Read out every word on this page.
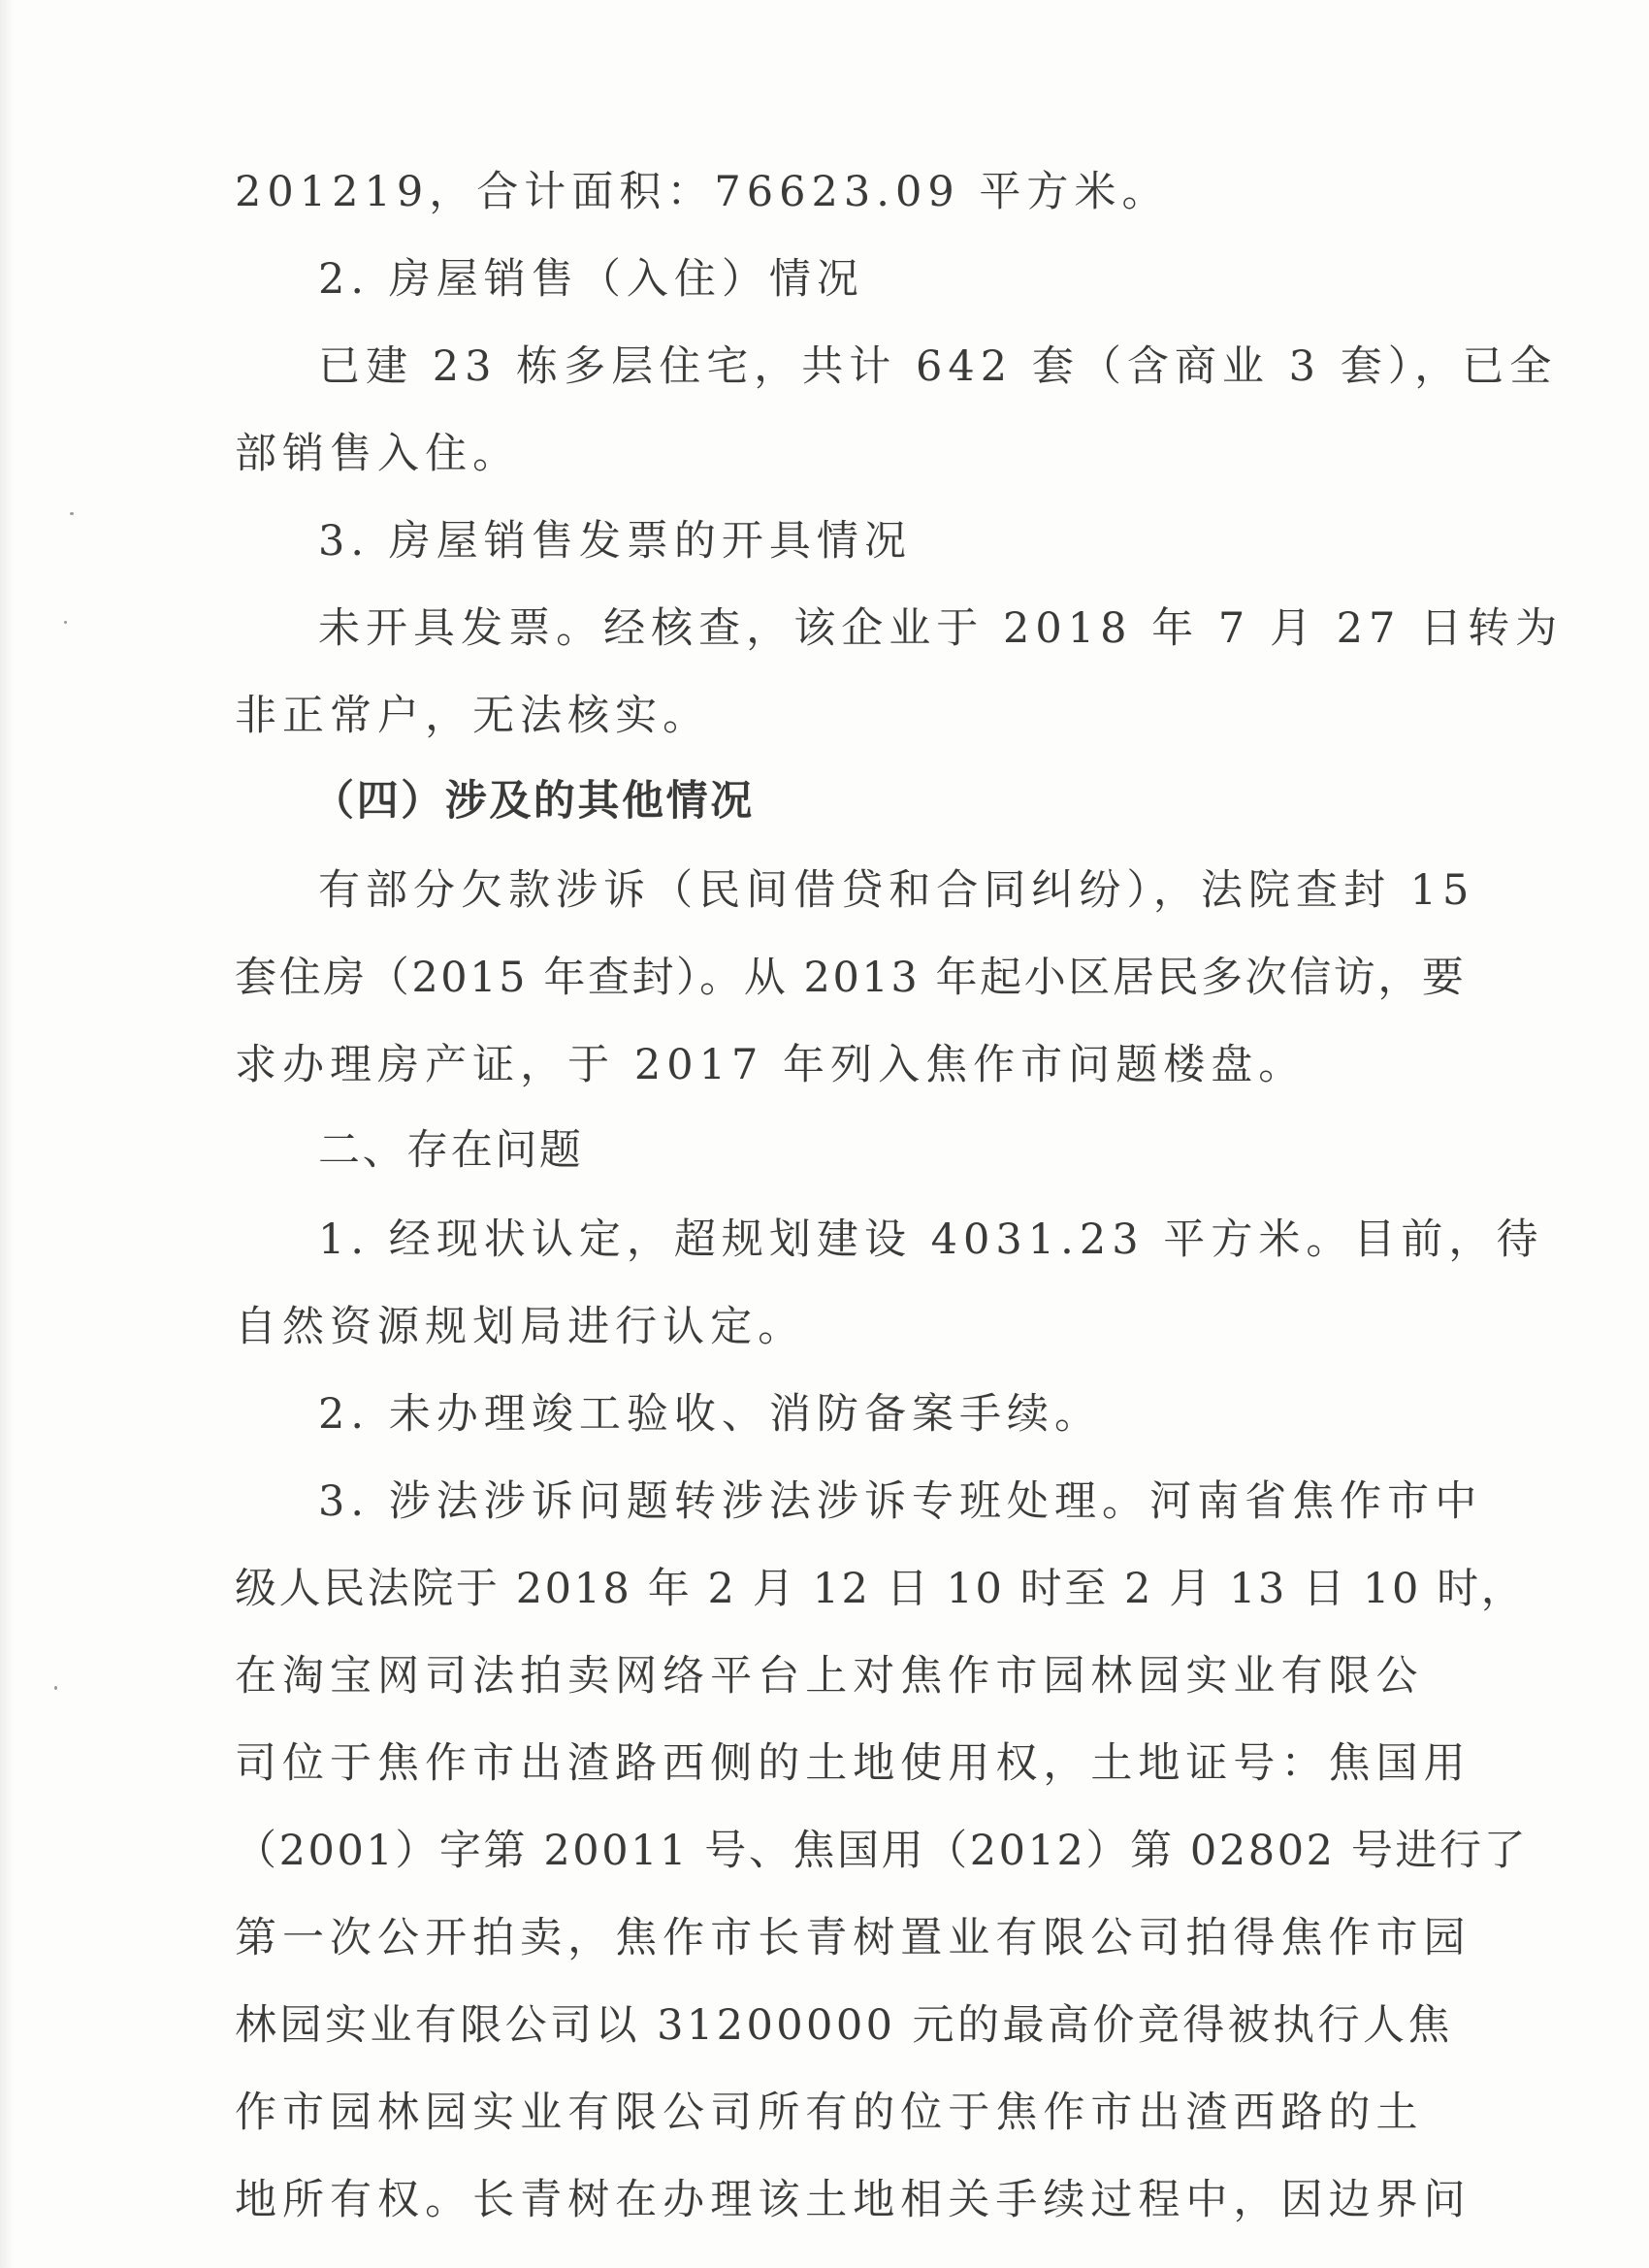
201219，合计面积：76623.09 平方米。
2. 房屋销售（入住）情况
已建 23 栋多层住宅，共计 642 套（含商业 3 套），已全
部销售入住。
3. 房屋销售发票的开具情况
未开具发票。经核查，该企业于 2018 年 7 月 27 日转为
非正常户，无法核实。
（四）涉及的其他情况
有部分欠款涉诉（民间借贷和合同纠纷），法院查封 15
套住房（2015 年查封）。从 2013 年起小区居民多次信访，要
求办理房产证，于 2017 年列入焦作市问题楼盘。
二、存在问题
1. 经现状认定，超规划建设 4031.23 平方米。目前，待
自然资源规划局进行认定。
2. 未办理竣工验收、消防备案手续。
3. 涉法涉诉问题转涉法涉诉专班处理。河南省焦作市中
级人民法院于 2018 年 2 月 12 日 10 时至 2 月 13 日 10 时，
在淘宝网司法拍卖网络平台上对焦作市园林园实业有限公
司位于焦作市出渣路西侧的土地使用权，土地证号：焦国用
（2001）字第 20011 号、焦国用（2012）第 02802 号进行了
第一次公开拍卖，焦作市长青树置业有限公司拍得焦作市园
林园实业有限公司以 31200000 元的最高价竞得被执行人焦
作市园林园实业有限公司所有的位于焦作市出渣西路的土
地所有权。长青树在办理该土地相关手续过程中，因边界问
